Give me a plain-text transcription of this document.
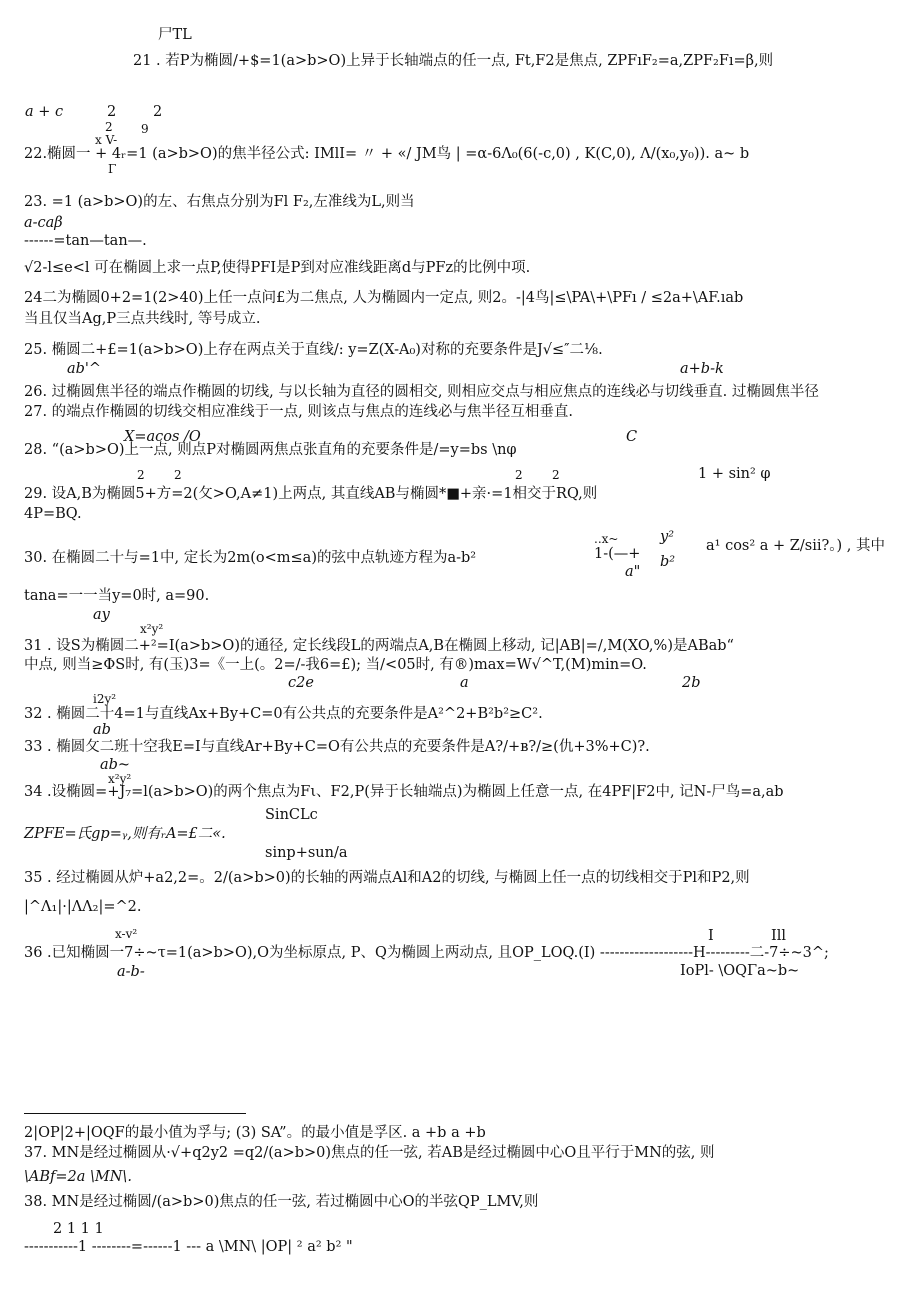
尸TL
21 . 若P为椭圆/+$=1(a>b>O)上异于长轴端点的任一点, Ft,F2是焦点, ZPFıF₂=a,ZPF₂Fı=β,则
a + c	2	2
x V-
2 9
22.椭圆一 + 4ᵣ=1 (a>b>O)的焦半径公式: IMlI= 〃 + «/ JM鸟 | =α-6Λ₀(6(-c,0) , K(C,0), Λ/(x₀,y₀)). a~ b
Γ
23. =1 (a>b>O)的左、右焦点分别为Fl F₂,左准线为L,则当
a-caβ
------=tan—tan—.
√2-l≤e<l 可在椭圆上求一点P,使得PFI是P到对应准线距离d与PFz的比例中项.
24二为椭圆0+2=1(2>40)上任一点问£为二焦点, 人为椭圆内一定点, 则2。-|4鸟|≤\PA\+\PFı / ≤2a+\AF.ıab
当且仅当Ag,P三点共线时, 等号成立.
25. 椭圆二+£=1(a>b>O)上存在两点关于直线/: y=Z(X-A₀)对称的充要条件是J√≤″二⅛.
ab'^	a+b-k
26. 过椭圆焦半径的端点作椭圆的切线, 与以长轴为直径的圆相交, 则相应交点与相应焦点的连线必与切线垂直. 过椭圆焦半径
27. 的端点作椭圆的切线交相应准线于一点, 则该点与焦点的连线必与焦半径互相垂直.
X=acos /O	C
28. “(a>b>O)上一点, 则点P对椭圆两焦点张直角的充要条件是/=y=bs \nφ
2 2	2 2	1 + sin² φ
29. 设A,B为椭圆5+方=2(攵>O,A≠1)上两点, 其直线AB与椭圆*■+亲·=1相交于RQ,则
4P=BQ.
..x~
1-(—+
a"
30. 在椭圆二十与=1中, 定长为2m(o<m≤a)的弦中点轨迹方程为a-b²
a¹ cos² a + Z/sii?。) , 其中
y²
b²
tana=一一当y=0时, a=90.
ay
x²y²
31 . 设S为椭圆二+²=I(a>b>O)的通径, 定长线段L的两端点A,B在椭圆上移动, 记|AB|=/,M(XO,%)是ABab“
中点, 则当≥ΦS时, 有(玉)3=《一上(。2=/-我6=£); 当/<05时, 有®)max=W√^T,(M)min=O.
c2e	a	2b
i2y²
32 . 椭圆二十4=1与直线Ax+By+C=0有公共点的充要条件是A²^2+B²b²≥C².
ab
33 . 椭圆攵二班十空我E=I与直线Ar+By+C=O有公共点的充要条件是A?/+в?/≥(仇+3%+C)?.
ab~
x²y²
34 .设椭圆=+J₇=l(a>b>O)的两个焦点为Fι、F2,P(异于长轴端点)为椭圆上任意一点, 在4PF|F2中, 记N-尸鸟=a,ab
SinCLc
ZPFE=氏gp=ᵧ,则有ᵣA=£二«.
sinp+sun/a
35 . 经过椭圆从炉+a2,2=。2/(a>b>0)的长轴的两端点Al和A2的切线, 与椭圆上任一点的切线相交于Pl和P2,则
|^Λ₁|·|ΛΛ₂|=^2.
x-v²	I	Ill
36 .已知椭圆一7÷~τ=1(a>b>O),O为坐标原点, P、Q为椭圆上两动点, 且OP_LOQ.(I) -------------------H---------二-7÷~3^;
a-b-	IoPl- \OQΓa~b~
2|OP|2+|OQF的最小值为孚与; (3) SA”。的最小值是孚区. a +b a +b
37. MN是经过椭圆从·√+q2y2 =q2/(a>b>0)焦点的任一弦, 若AB是经过椭圆中心O且平行于MN的弦, 则
\ABf=2a \MN\.
38. MN是经过椭圆/(a>b>0)焦点的任一弦, 若过椭圆中心O的半弦QP_LMV,则
2 1 1 1
-----------1 --------=------1 --- a \MN\ |OP| ² a² b² "
